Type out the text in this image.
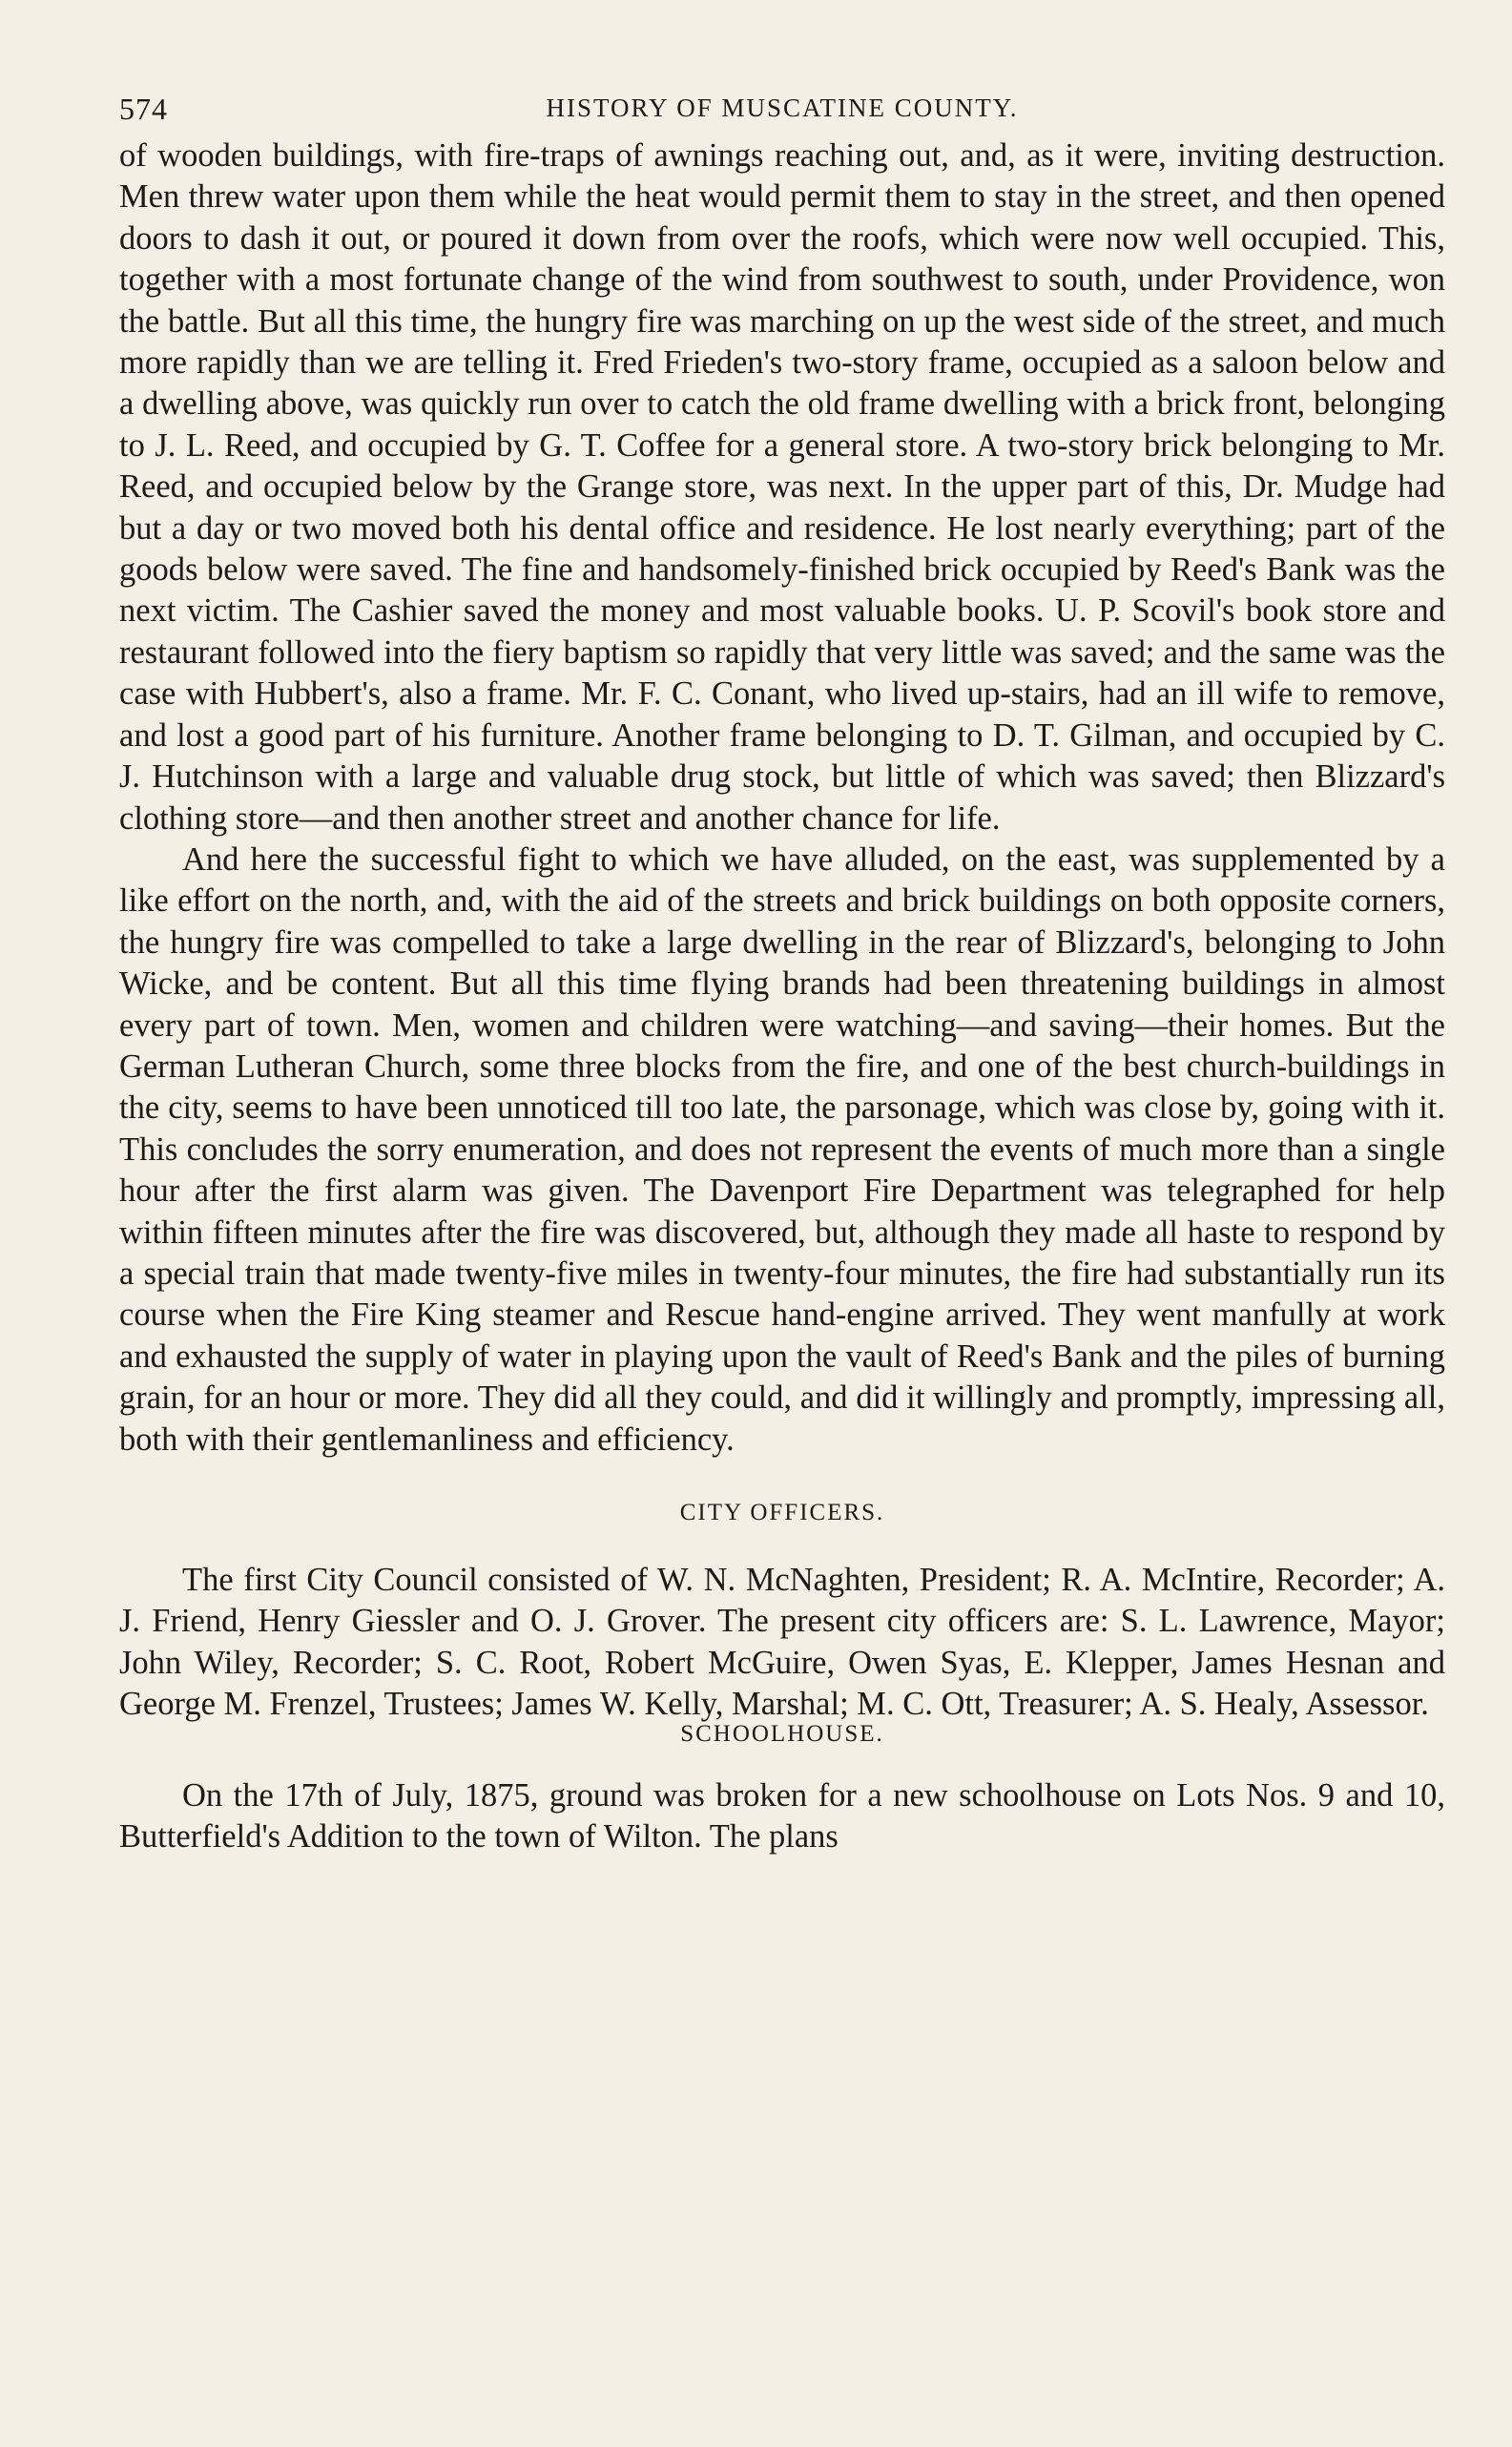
574	HISTORY OF MUSCATINE COUNTY.

of wooden buildings, with fire-traps of awnings reaching out, and, as it were, inviting destruction. Men threw water upon them while the heat would permit them to stay in the street, and then opened doors to dash it out, or poured it down from over the roofs, which were now well occupied. This, together with a most fortunate change of the wind from southwest to south, under Providence, won the battle. But all this time, the hungry fire was marching on up the west side of the street, and much more rapidly than we are telling it. Fred Frieden's two-story frame, occupied as a saloon below and a dwelling above, was quickly run over to catch the old frame dwelling with a brick front, belonging to J. L. Reed, and occupied by G. T. Coffee for a general store. A two-story brick belonging to Mr. Reed, and occupied below by the Grange store, was next. In the upper part of this, Dr. Mudge had but a day or two moved both his dental office and residence. He lost nearly everything; part of the goods below were saved. The fine and handsomely-finished brick occupied by Reed's Bank was the next victim. The Cashier saved the money and most valuable books. U. P. Scovil's book store and restaurant followed into the fiery baptism so rapidly that very little was saved; and the same was the case with Hubbert's, also a frame. Mr. F. C. Conant, who lived up-stairs, had an ill wife to remove, and lost a good part of his furniture. Another frame belonging to D. T. Gilman, and occupied by C. J. Hutchinson with a large and valuable drug stock, but little of which was saved; then Blizzard's clothing store—and then another street and another chance for life.

And here the successful fight to which we have alluded, on the east, was supplemented by a like effort on the north, and, with the aid of the streets and brick buildings on both opposite corners, the hungry fire was compelled to take a large dwelling in the rear of Blizzard's, belonging to John Wicke, and be content. But all this time flying brands had been threatening buildings in almost every part of town. Men, women and children were watching—and saving—their homes. But the German Lutheran Church, some three blocks from the fire, and one of the best church-buildings in the city, seems to have been unnoticed till too late, the parsonage, which was close by, going with it. This concludes the sorry enumeration, and does not represent the events of much more than a single hour after the first alarm was given. The Davenport Fire Department was telegraphed for help within fifteen minutes after the fire was discovered, but, although they made all haste to respond by a special train that made twenty-five miles in twenty-four minutes, the fire had substantially run its course when the Fire King steamer and Rescue hand-engine arrived. They went manfully at work and exhausted the supply of water in playing upon the vault of Reed's Bank and the piles of burning grain, for an hour or more. They did all they could, and did it willingly and promptly, impressing all, both with their gentlemanliness and efficiency.

CITY OFFICERS.

The first City Council consisted of W. N. McNaghten, President; R. A. McIntire, Recorder; A. J. Friend, Henry Giessler and O. J. Grover. The present city officers are: S. L. Lawrence, Mayor; John Wiley, Recorder; S. C. Root, Robert McGuire, Owen Syas, E. Klepper, James Hesnan and George M. Frenzel, Trustees; James W. Kelly, Marshal; M. C. Ott, Treasurer; A. S. Healy, Assessor.

SCHOOLHOUSE.

On the 17th of July, 1875, ground was broken for a new schoolhouse on Lots Nos. 9 and 10, Butterfield's Addition to the town of Wilton. The plans
